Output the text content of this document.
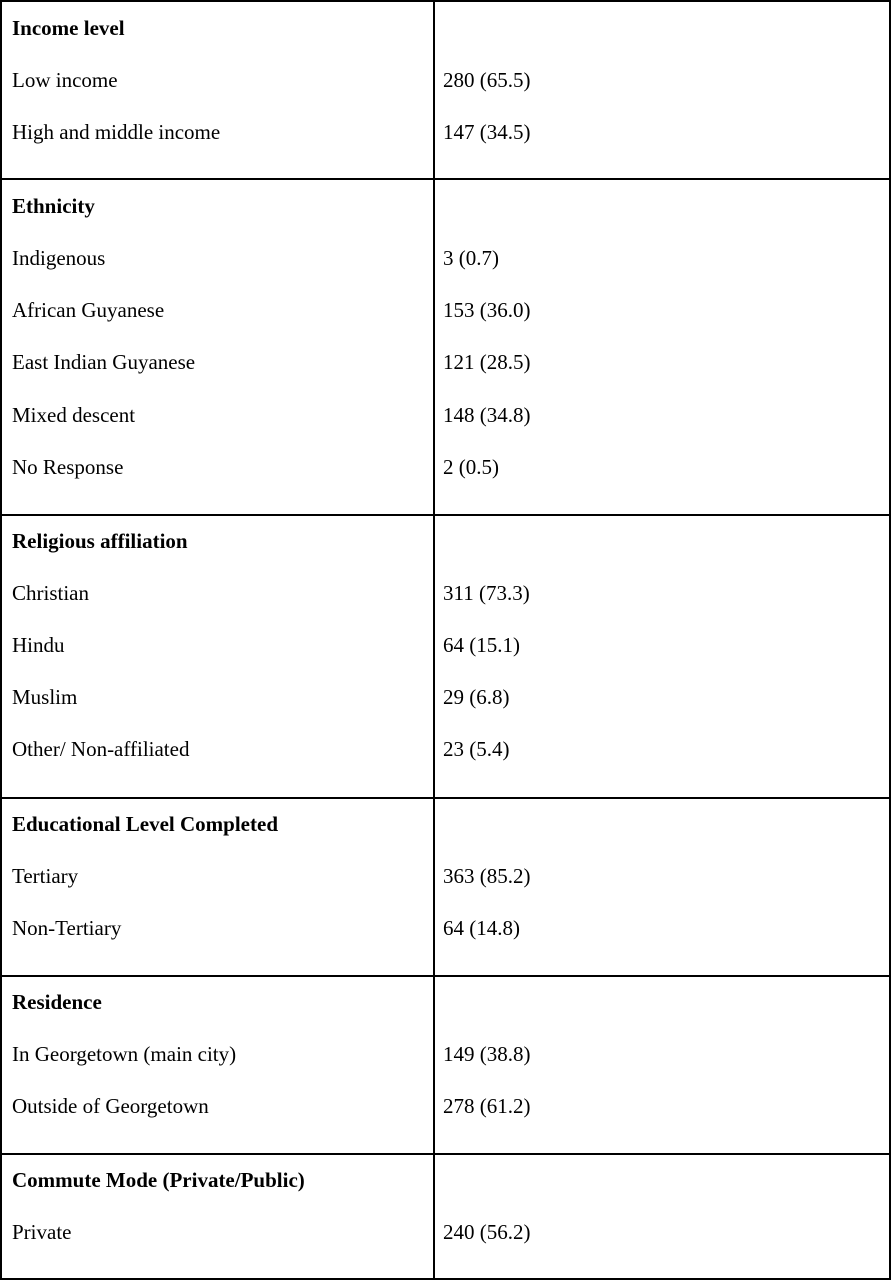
Income level
Low income	280 (65.5)
High and middle income	147 (34.5)
Ethnicity
Indigenous	3 (0.7)
African Guyanese	153 (36.0)
East Indian Guyanese	121 (28.5)
Mixed descent	148 (34.8)
No Response	2 (0.5)
Religious affiliation
Christian	311 (73.3)
Hindu	64 (15.1)
Muslim	29 (6.8)
Other/ Non-affiliated	23 (5.4)
Educational Level Completed
Tertiary	363 (85.2)
Non-Tertiary	64 (14.8)
Residence
In Georgetown (main city)	149 (38.8)
Outside of Georgetown	278 (61.2)
Commute Mode (Private/Public)
Private	240 (56.2)
